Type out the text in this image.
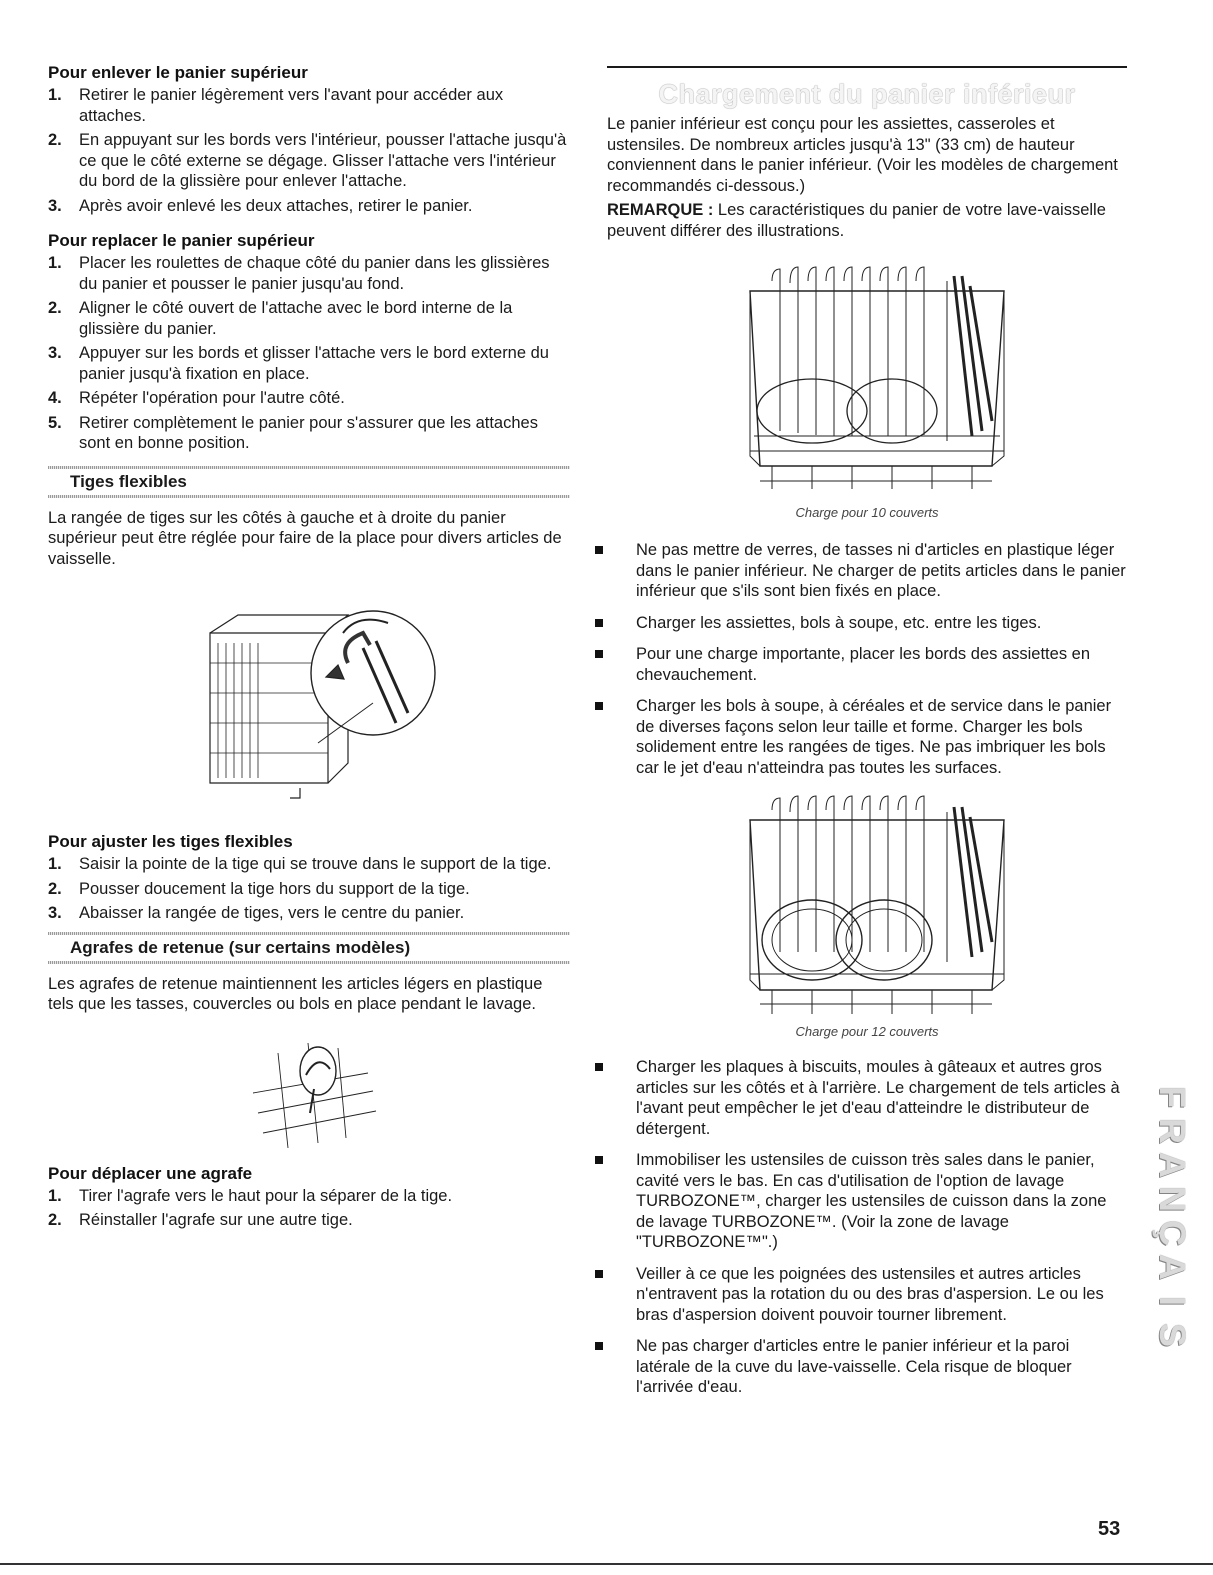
Pour enlever le panier supérieur
1. Retirer le panier légèrement vers l'avant pour accéder aux attaches.
2. En appuyant sur les bords vers l'intérieur, pousser l'attache jusqu'à ce que le côté externe se dégage. Glisser l'attache vers l'intérieur du bord de la glissière pour enlever l'attache.
3. Après avoir enlevé les deux attaches, retirer le panier.
Pour replacer le panier supérieur
1. Placer les roulettes de chaque côté du panier dans les glissières du panier et pousser le panier jusqu'au fond.
2. Aligner le côté ouvert de l'attache avec le bord interne de la glissière du panier.
3. Appuyer sur les bords et glisser l'attache vers le bord externe du panier jusqu'à fixation en place.
4. Répéter l'opération pour l'autre côté.
5. Retirer complètement le panier pour s'assurer que les attaches sont en bonne position.
Tiges flexibles

La rangée de tiges sur les côtés à gauche et à droite du panier supérieur peut être réglée pour faire de la place pour divers articles de vaisselle.

Pour ajuster les tiges flexibles
1. Saisir la pointe de la tige qui se trouve dans le support de la tige.
2. Pousser doucement la tige hors du support de la tige.
3. Abaisser la rangée de tiges, vers le centre du panier.
Agrafes de retenue (sur certains modèles)

Les agrafes de retenue maintiennent les articles légers en plastique tels que les tasses, couvercles ou bols en place pendant le lavage.

Pour déplacer une agrafe
1. Tirer l'agrafe vers le haut pour la séparer de la tige.
2. Réinstaller l'agrafe sur une autre tige.
Chargement du panier inférieur

Le panier inférieur est conçu pour les assiettes, casseroles et ustensiles. De nombreux articles jusqu'à 13" (33 cm) de hauteur conviennent dans le panier inférieur. (Voir les modèles de chargement recommandés ci-dessous.)

REMARQUE : Les caractéristiques du panier de votre lave-vaisselle peuvent différer des illustrations.

Charge pour 10 couverts
Ne pas mettre de verres, de tasses ni d'articles en plastique léger dans le panier inférieur. Ne charger de petits articles dans le panier inférieur que s'ils sont bien fixés en place.
Charger les assiettes, bols à soupe, etc. entre les tiges.
Pour une charge importante, placer les bords des assiettes en chevauchement.
Charger les bols à soupe, à céréales et de service dans le panier de diverses façons selon leur taille et forme. Charger les bols solidement entre les rangées de tiges. Ne pas imbriquer les bols car le jet d'eau n'atteindra pas toutes les surfaces.
Charge pour 12 couverts
Charger les plaques à biscuits, moules à gâteaux et autres gros articles sur les côtés et à l'arrière. Le chargement de tels articles à l'avant peut empêcher le jet d'eau d'atteindre le distributeur de détergent.
Immobiliser les ustensiles de cuisson très sales dans le panier, cavité vers le bas. En cas d'utilisation de l'option de lavage TURBOZONE™, charger les ustensiles de cuisson dans la zone de lavage TURBOZONE™. (Voir la zone de lavage "TURBOZONE™".)
Veiller à ce que les poignées des ustensiles et autres articles n'entravent pas la rotation du ou des bras d'aspersion. Le ou les bras d'aspersion doivent pouvoir tourner librement.
Ne pas charger d'articles entre le panier inférieur et la paroi latérale de la cuve du lave-vaisselle. Cela risque de bloquer l'arrivée d'eau.
F
R
A
N
Ç
A
I
S
53
